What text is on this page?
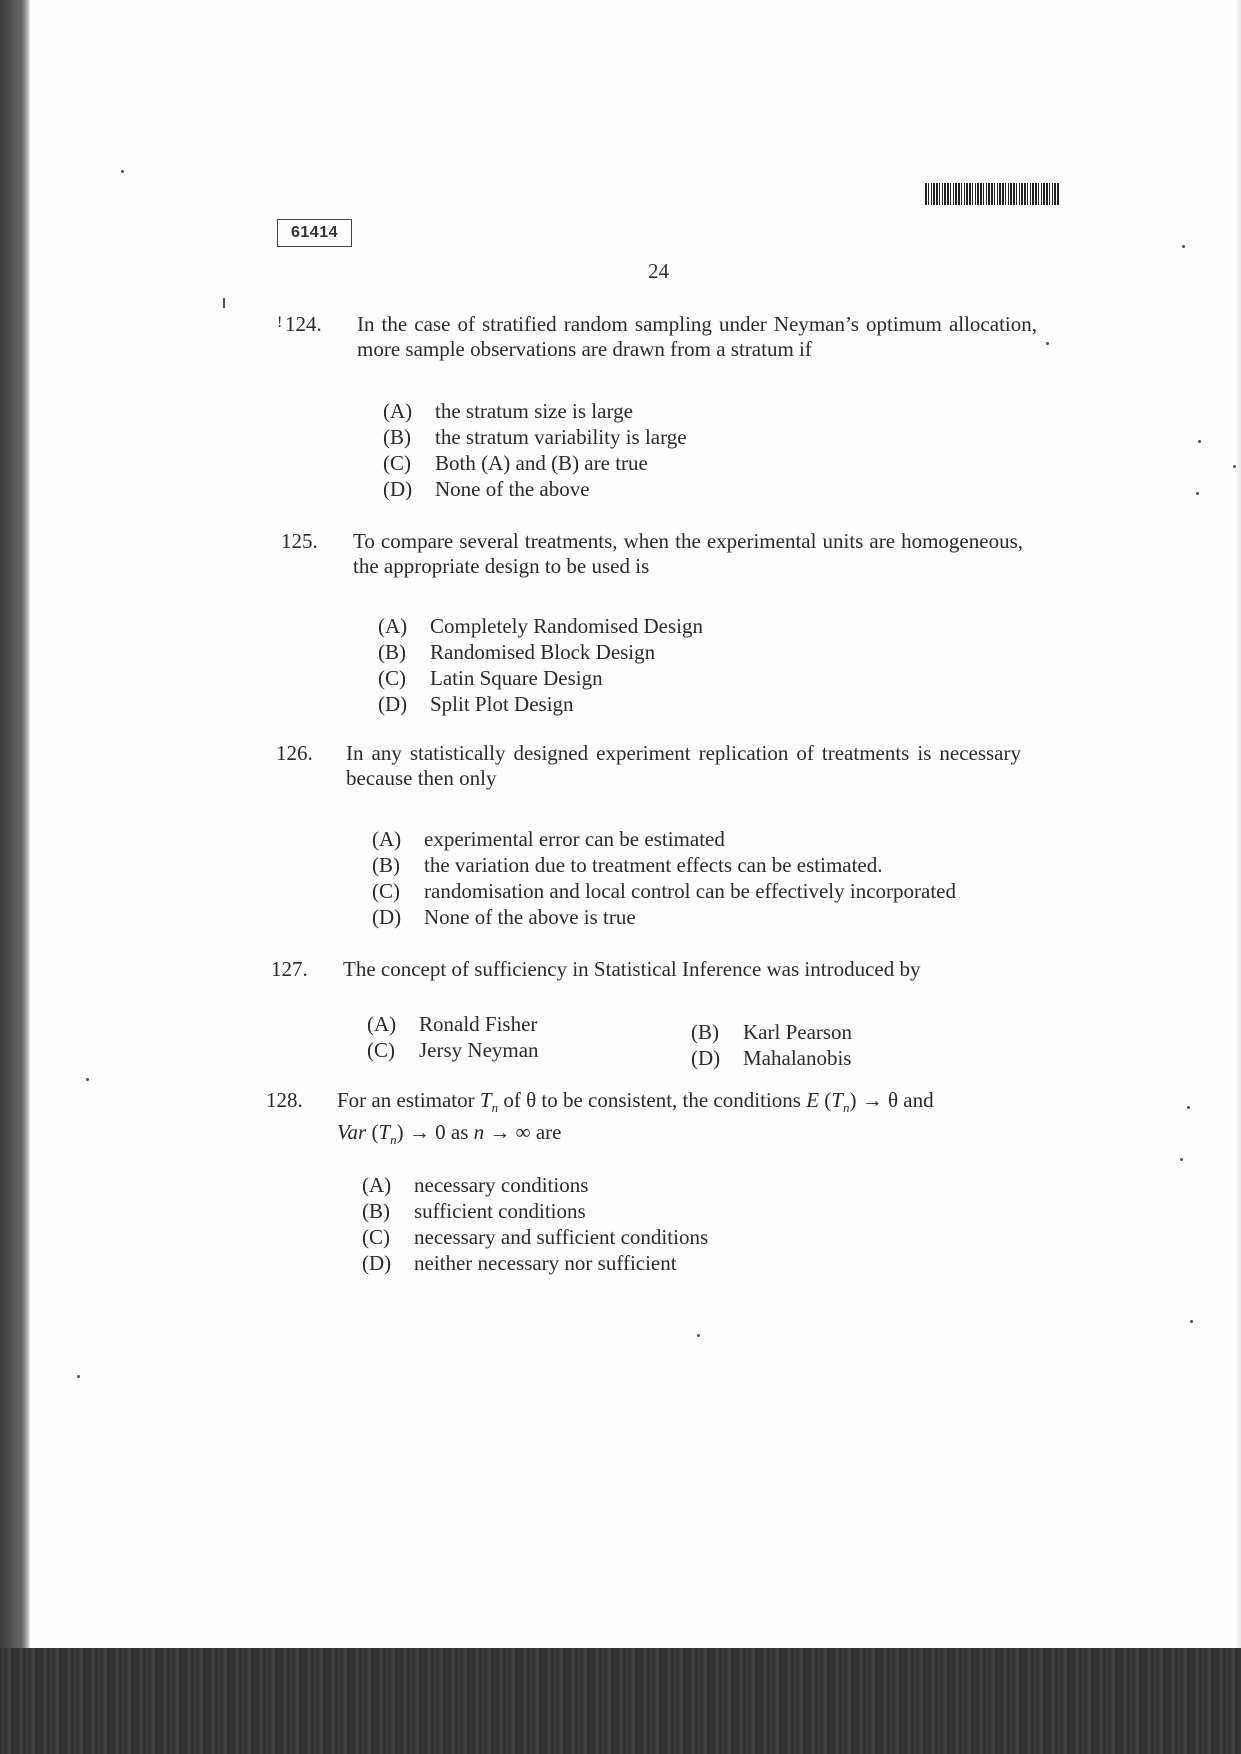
61414
24
! 124. In the case of stratified random sampling under Neyman’s optimum allocation, more sample observations are drawn from a stratum if
(A)	the stratum size is large
(B)	the stratum variability is large
(C)	Both (A) and (B) are true
(D)	None of the above
125. To compare several treatments, when the experimental units are homogeneous, the appropriate design to be used is
(A)	Completely Randomised Design
(B)	Randomised Block Design
(C)	Latin Square Design
(D)	Split Plot Design
126. In any statistically designed experiment replication of treatments is necessary because then only
(A)	experimental error can be estimated
(B)	the variation due to treatment effects can be estimated.
(C)	randomisation and local control can be effectively incorporated
(D)	None of the above is true
127. The concept of sufficiency in Statistical Inference was introduced by
(A) Ronald Fisher	(B) Karl Pearson
(C) Jersy Neyman	(D) Mahalanobis
128. For an estimator $T_n$ of θ to be consistent, the conditions E $(T_n) \to \theta$ and
Var $(T_n) \to 0$ as n → ∞ are
(A)	necessary conditions
(B)	sufficient conditions
(C)	necessary and sufficient conditions
(D)	neither necessary nor sufficient
